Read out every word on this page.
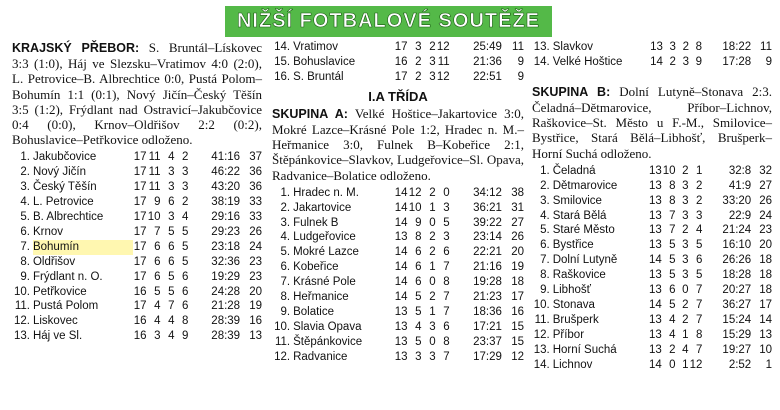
NIŽŠÍ FOTBALOVÉ SOUTĚŽE

KRAJSKÝ PŘEBOR: S. Bruntál–Lískovec 3:3 (1:0), Háj ve Slezsku–Vratimov 4:0 (2:0), L. Petrovice–B. Albrechtice 0:0, Pustá Polom–Bohumín 1:1 (0:1), Nový Jičín–Český Těšín 3:5 (1:2), Frýdlant nad Ostravicí–Jakubčovice 0:4 (0:0), Krnov–Oldřišov 2:2 (0:2), Bohuslavice–Petřkovice odloženo.

1.	Jakubčovice	17	11	4	2	41:16	37
2.	Nový Jičín	17	11	3	3	46:22	36
3.	Český Těšín	17	11	3	3	43:20	36
4.	L. Petrovice	17	9	6	2	38:19	33
5.	B. Albrechtice	17	10	3	4	29:16	33
6.	Krnov	17	7	5	5	29:23	26
7.	Bohumín	17	6	6	5	23:18	24
8.	Oldřišov	17	6	6	5	32:36	23
9.	Frýdlant n. O.	17	6	5	6	19:29	23
10.	Petřkovice	16	5	5	6	24:28	20
11.	Pustá Polom	17	4	7	6	21:28	19
12.	Liskovec	16	4	4	8	28:39	16
13.	Háj ve Sl.	16	3	4	9	28:39	13
14.	Vratimov	17	3	2	12	25:49	11
15.	Bohuslavice	16	2	3	11	21:36	9
16.	S. Bruntál	17	2	3	12	22:51	9
I.A TŘÍDA

SKUPINA A: Velké Hoštice–Jakartovice 3:0, Mokré Lazce–Krásné Pole 1:2, Hradec n. M.–Heřmanice 3:0, Fulnek B–Kobeřice 2:1, Štěpánkovice–Slavkov, Ludgeřovice–Sl. Opava, Radvanice–Bolatice odloženo.

1.	Hradec n. M.	14	12	2	0	34:12	38
2.	Jakartovice	14	10	1	3	36:21	31
3.	Fulnek B	14	9	0	5	39:22	27
4.	Ludgeřovice	13	8	2	3	23:14	26
5.	Mokré Lazce	14	6	2	6	22:21	20
6.	Kobeřice	14	6	1	7	21:16	19
7.	Krásné Pole	14	6	0	8	19:28	18
8.	Heřmanice	14	5	2	7	21:23	17
9.	Bolatice	13	5	1	7	18:36	16
10.	Slavia Opava	13	4	3	6	17:21	15
11.	Štěpánkovice	13	5	0	8	23:37	15
12.	Radvanice	13	3	3	7	17:29	12
13.	Slavkov	13	3	2	8	18:22	11
14.	Velké Hoštice	14	2	3	9	17:28	9

SKUPINA B: Dolní Lutyně–Stonava 2:3. Čeladná–Dětmarovice, Příbor–Lichnov, Raškovice–St. Město u F.-M., Smilovice–Bystřice, Stará Bělá–Libhošť, Brušperk–Horní Suchá odloženo.

1.	Čeladná	13	10	2	1	32:8	32
2.	Dětmarovice	13	8	3	2	41:9	27
3.	Smilovice	13	8	3	2	33:20	26
4.	Stará Bělá	13	7	3	3	22:9	24
5.	Staré Město	13	7	2	4	21:24	23
6.	Bystřice	13	5	3	5	16:10	20
7.	Dolní Lutyně	14	5	3	6	26:26	18
8.	Raškovice	13	5	3	5	18:28	18
9.	Libhošť	13	6	0	7	20:27	18
10.	Stonava	14	5	2	7	36:27	17
11.	Brušperk	13	4	2	7	15:24	14
12.	Příbor	13	4	1	8	15:29	13
13.	Horní Suchá	13	2	4	7	19:27	10
14.	Lichnov	14	0	1	12	2:52	1
